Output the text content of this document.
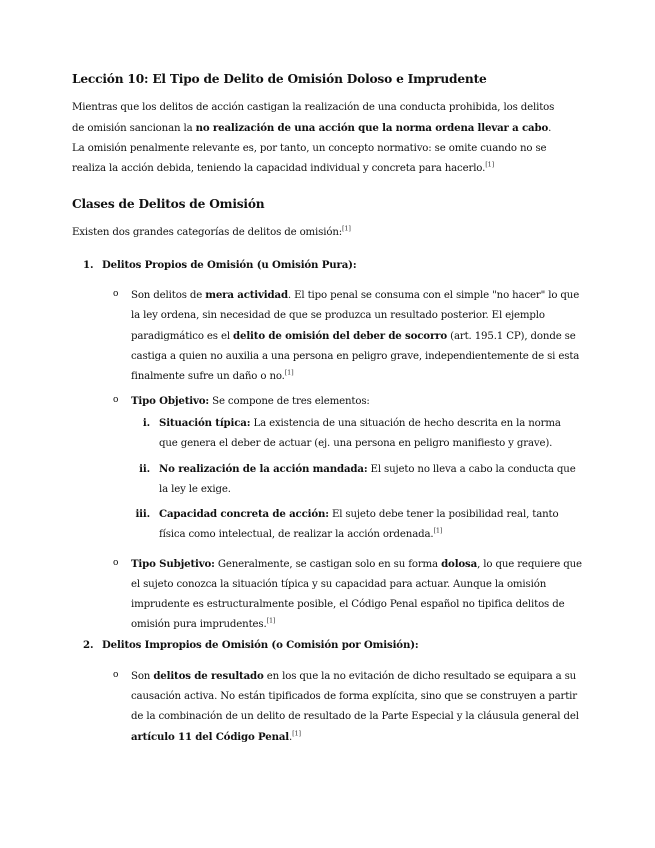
Lección 10: El Tipo de Delito de Omisión Doloso e Imprudente

Mientras que los delitos de acción castigan la realización de una conducta prohibida, los delitos de omisión sancionan la no realización de una acción que la norma ordena llevar a cabo. La omisión penalmente relevante es, por tanto, un concepto normativo: se omite cuando no se realiza la acción debida, teniendo la capacidad individual y concreta para hacerlo.[1]

Clases de Delitos de Omisión

Existen dos grandes categorías de delitos de omisión:[1]

1. Delitos Propios de Omisión (u Omisión Pura):
o Son delitos de mera actividad. El tipo penal se consuma con el simple "no hacer" lo que la ley ordena, sin necesidad de que se produzca un resultado posterior. El ejemplo paradigmático es el delito de omisión del deber de socorro (art. 195.1 CP), donde se castiga a quien no auxilia a una persona en peligro grave, independientemente de si esta finalmente sufre un daño o no.[1]

o Tipo Objetivo: Se compone de tres elementos:

i. Situación típica: La existencia de una situación de hecho descrita en la norma que genera el deber de actuar (ej. una persona en peligro manifiesto y grave).

ii. No realización de la acción mandada: El sujeto no lleva a cabo la conducta que la ley le exige.

iii. Capacidad concreta de acción: El sujeto debe tener la posibilidad real, tanto física como intelectual, de realizar la acción ordenada.[1]

o Tipo Subjetivo: Generalmente, se castigan solo en su forma dolosa, lo que requiere que el sujeto conozca la situación típica y su capacidad para actuar. Aunque la omisión imprudente es estructuralmente posible, el Código Penal español no tipifica delitos de omisión pura imprudentes.[1]

2. Delitos Impropios de Omisión (o Comisión por Omisión):
o Son delitos de resultado en los que la no evitación de dicho resultado se equipara a su causación activa. No están tipificados de forma explícita, sino que se construyen a partir de la combinación de un delito de resultado de la Parte Especial y la cláusula general del artículo 11 del Código Penal.[1]
